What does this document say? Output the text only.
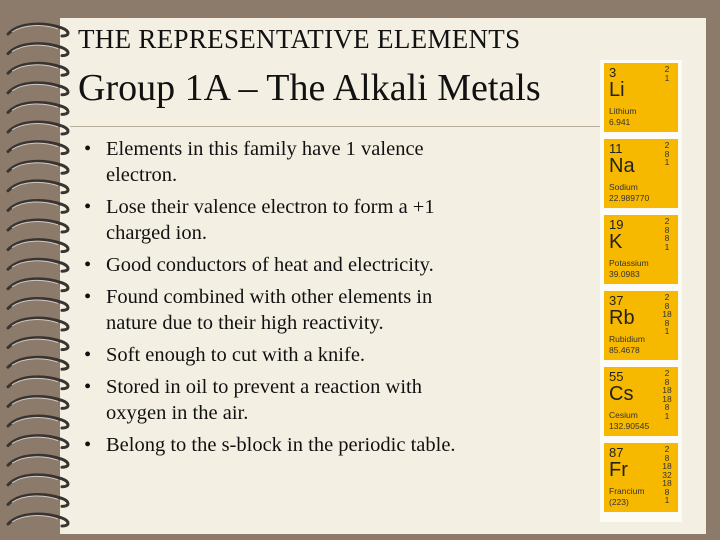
THE REPRESENTATIVE ELEMENTS
Group 1A – The Alkali Metals
• Elements in this family have 1 valence electron.
• Lose their valence electron to form a +1 charged ion.
• Good conductors of heat and electricity.
• Found combined with other elements in nature due to their high reactivity.
• Soft enough to cut with a knife.
• Stored in oil to prevent a reaction with oxygen in the air.
• Belong to the s-block in the periodic table.
3
Li
Lithium
6.941
2
1
11
Na
Sodium
22.989770
2
8
1
19
K
Potassium
39.0983
2
8
8
1
37
Rb
Rubidium
85.4678
2
8
18
8
1
55
Cs
Cesium
132.90545
2
8
18
18
8
1
87
Fr
Francium
(223)
2
8
18
32
18
8
1
